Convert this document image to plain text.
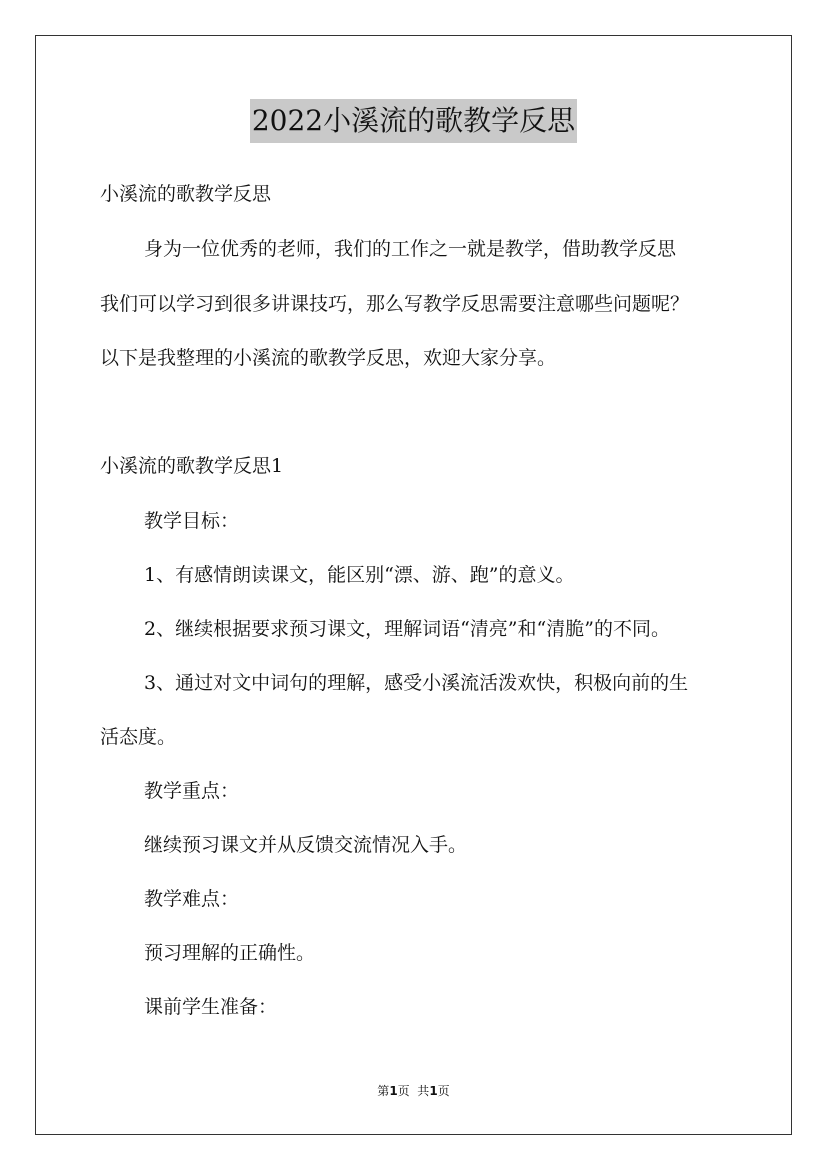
2022小溪流的歌教学反思

小溪流的歌教学反思

身为一位优秀的老师，我们的工作之一就是教学，借助教学反思

我们可以学习到很多讲课技巧，那么写教学反思需要注意哪些问题呢？

以下是我整理的小溪流的歌教学反思，欢迎大家分享。

小溪流的歌教学反思1

教学目标：

1、有感情朗读课文，能区别“漂、游、跑”的意义。

2、继续根据要求预习课文，理解词语“清亮”和“清脆”的不同。

3、通过对文中词句的理解，感受小溪流活泼欢快，积极向前的生

活态度。

教学重点：

继续预习课文并从反馈交流情况入手。

教学难点：

预习理解的正确性。

课前学生准备：

第1页  共1页
